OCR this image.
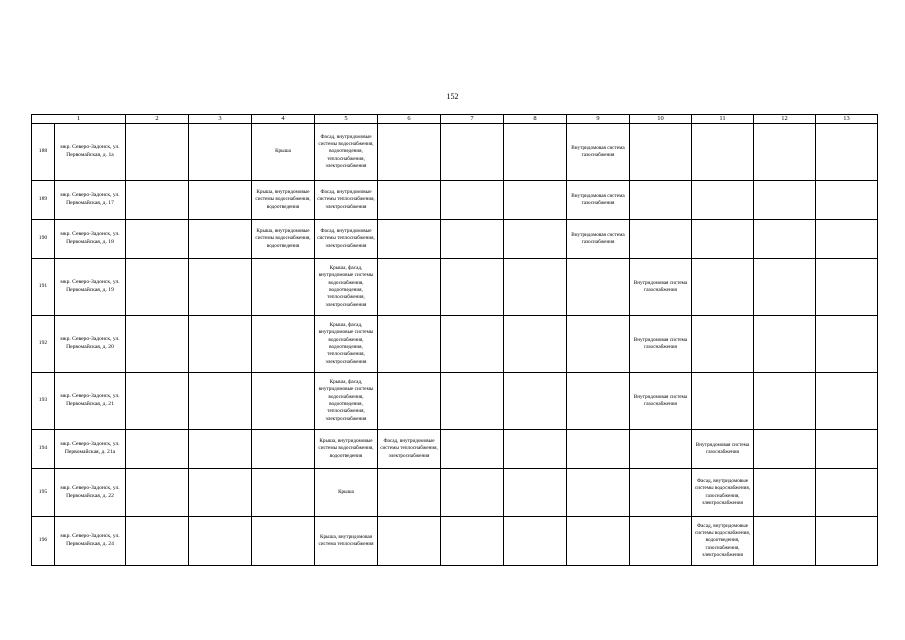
152
1		2	3	4	5	6	7	8	9	10	11	12	13
188	мкр. Северо-Задонск, ул. Первомайская, д. 1а			Крыша	Фасад, внутридомовые системы водоснабжения, водоотведения, теплоснабжения, электроснабжения				Внутридомовая система газоснабжения				
189	мкр. Северо-Задонск, ул. Первомайская, д. 17			Крыша, внутридомовые системы водоснабжения, водоотведения	Фасад, внутридомовые системы теплоснабжения, электроснабжения				Внутридомовая система газоснабжения				
190	мкр. Северо-Задонск, ул. Первомайская, д. 18			Крыша, внутридомовые системы водоснабжения, водоотведения	Фасад, внутридомовые системы теплоснабжения, электроснабжения				Внутридомовая система газоснабжения				
191	мкр. Северо-Задонск, ул. Первомайская, д. 19				Крыша, фасад, внутридомовые системы водоснабжения, водоотведения, теплоснабжения, электроснабжения					Внутридомовая система газоснабжения			
192	мкр. Северо-Задонск, ул. Первомайская, д. 20				Крыша, фасад, внутридомовые системы водоснабжения, водоотведения, теплоснабжения, электроснабжения					Внутридомовая система газоснабжения			
193	мкр. Северо-Задонск, ул. Первомайская, д. 21				Крыша, фасад, внутридомовые системы водоснабжения, водоотведения, теплоснабжения, электроснабжения					Внутридомовая система газоснабжения			
194	мкр. Северо-Задонск, ул. Первомайская, д. 21а				Крыша, внутридомовые системы водоснабжения, водоотведения	Фасад, внутридомовые системы теплоснабжения, электроснабжения					Внутридомовая система газоснабжения		
195	мкр. Северо-Задонск, ул. Первомайская, д. 22				Крыша						Фасад, внутридомовые системы водоснабжения, газоснабжения, электроснабжения		
196	мкр. Северо-Задонск, ул. Первомайская, д. 24				Крыша, внутридомовая система теплоснабжения						Фасад, внутридомовые системы водоснабжения, водоотведения, газоснабжения, электроснабжения		
